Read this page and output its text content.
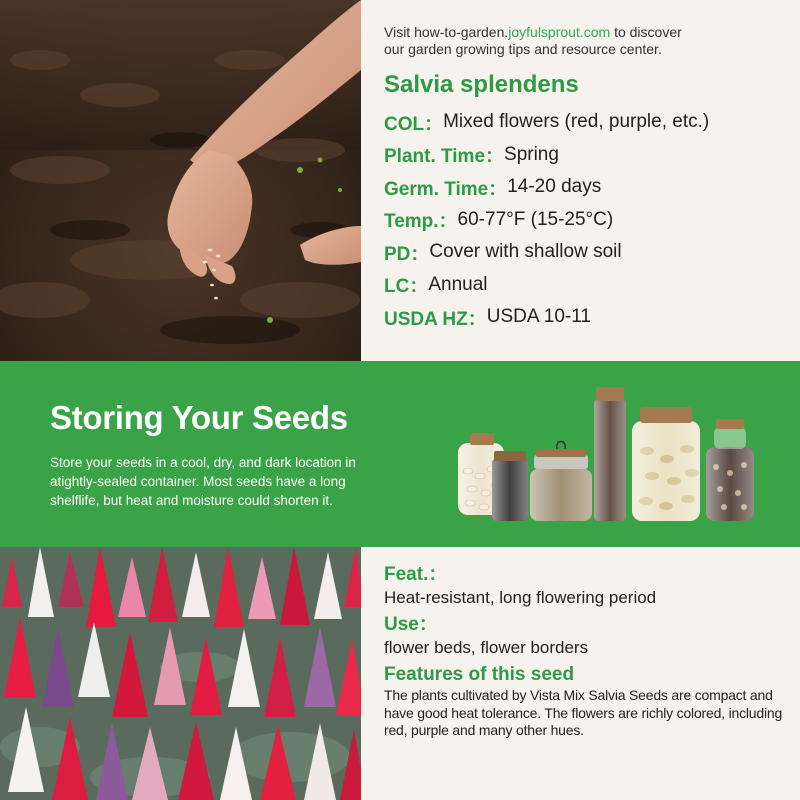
Visit how-to-garden.joyfulsprout.com to discover
our garden growing tips and resource center.

Salvia splendens
COL： Mixed flowers (red, purple, etc.)
Plant. Time： Spring
Germ. Time： 14-20 days
Temp.： 60-77°F (15-25°C)
PD： Cover with shallow soil
LC： Annual
USDA HZ： USDA 10-11
Storing Your Seeds

Store your seeds in a cool, dry, and dark location in atightly-sealed container. Most seeds have a long shelflife, but heat and moisture could shorten it.

Feat.：
Heat-resistant, long flowering period
Use：
flower beds, flower borders
Features of this seed

The plants cultivated by Vista Mix Salvia Seeds are compact and have good heat tolerance. The flowers are richly colored, including red, purple and many other hues.
